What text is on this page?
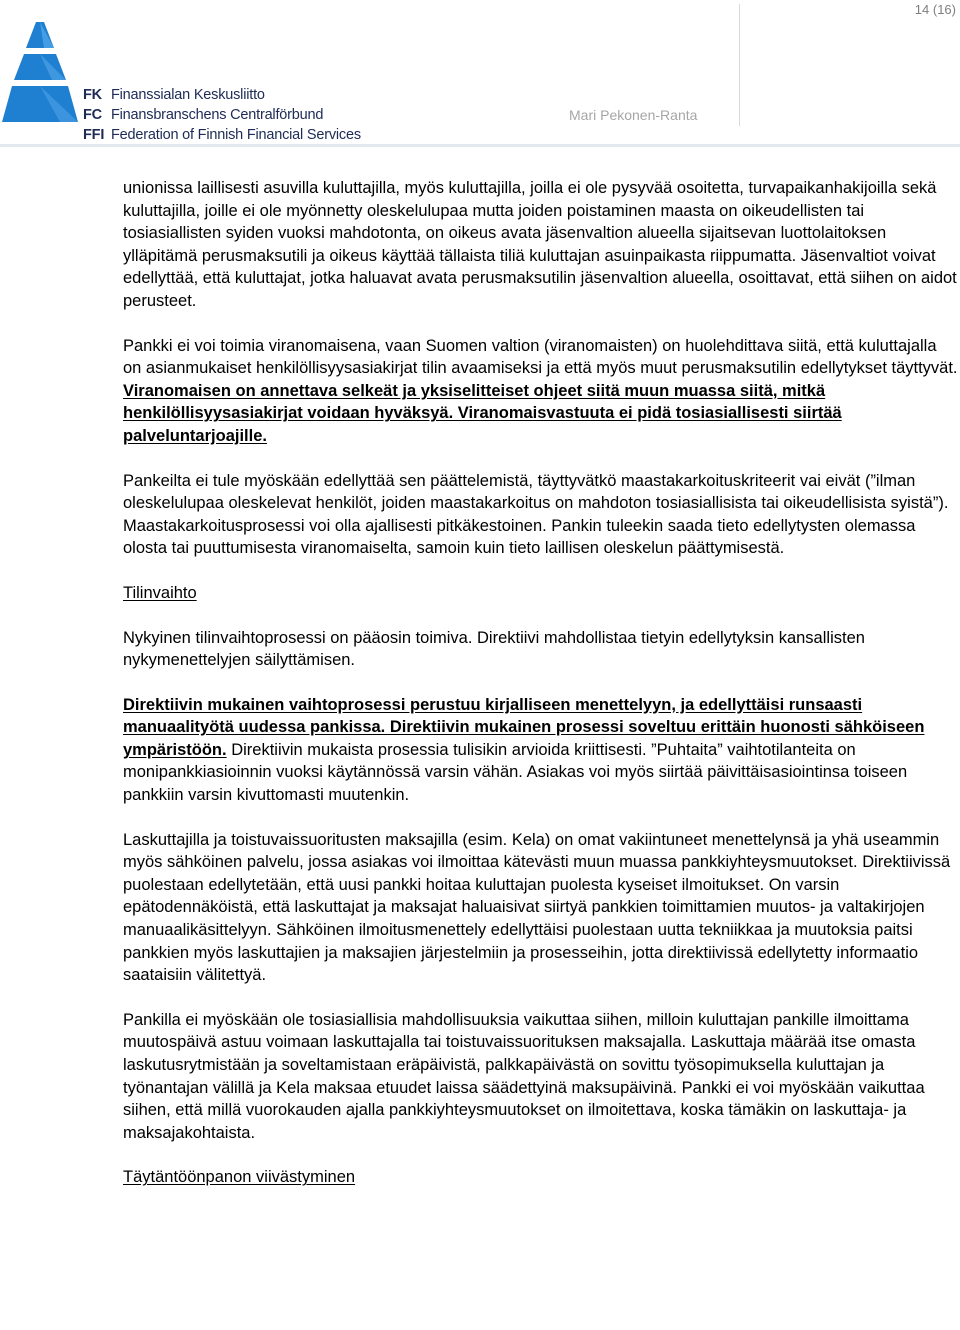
14 (16)
FK Finanssialan Keskusliitto
FC Finansbranschens Centralförbund
FFI Federation of Finnish Financial Services
Mari Pekonen-Ranta

unionissa laillisesti asuvilla kuluttajilla, myös kuluttajilla, joilla ei ole pysyvää osoitetta, turvapaikanhakijoilla sekä kuluttajilla, joille ei ole myönnetty oleskelulupaa mutta joiden poistaminen maasta on oikeudellisten tai tosiasiallisten syiden vuoksi mahdotonta, on oikeus avata jäsenvaltion alueella sijaitsevan luottolaitoksen ylläpitämä perusmaksutili ja oikeus käyttää tällaista tiliä kuluttajan asuinpaikasta riippumatta. Jäsenvaltiot voivat edellyttää, että kuluttajat, jotka haluavat avata perusmaksutilin jäsenvaltion alueella, osoittavat, että siihen on aidot perusteet.

Pankki ei voi toimia viranomaisena, vaan Suomen valtion (viranomaisten) on huolehdittava siitä, että kuluttajalla on asianmukaiset henkilöllisyysasiakirjat tilin avaamiseksi ja että myös muut perusmaksutilin edellytykset täyttyvät. Viranomaisen on annettava selkeät ja yksiselitteiset ohjeet siitä muun muassa siitä, mitkä henkilöllisyysasiakirjat voidaan hyväksyä. Viranomaisvastuuta ei pidä tosiasiallisesti siirtää palveluntarjoajille.

Pankeilta ei tule myöskään edellyttää sen päättelemistä, täyttyvätkö maastakarkoituskriteerit vai eivät (”ilman oleskelulupaa oleskelevat henkilöt, joiden maastakarkoitus on mahdoton tosiasiallisista tai oikeudellisista syistä”). Maastakarkoitusprosessi voi olla ajallisesti pitkäkestoinen. Pankin tuleekin saada tieto edellytysten olemassa olosta tai puuttumisesta viranomaiselta, samoin kuin tieto laillisen oleskelun päättymisestä.

Tilinvaihto

Nykyinen tilinvaihtoprosessi on pääosin toimiva. Direktiivi mahdollistaa tietyin edellytyksin kansallisten nykymenettelyjen säilyttämisen.

Direktiivin mukainen vaihtoprosessi perustuu kirjalliseen menettelyyn, ja edellyttäisi runsaasti manuaalityötä uudessa pankissa. Direktiivin mukainen prosessi soveltuu erittäin huonosti sähköiseen ympäristöön. Direktiivin mukaista prosessia tulisikin arvioida kriittisesti. ”Puhtaita” vaihtotilanteita on monipankkiasioinnin vuoksi käytännössä varsin vähän. Asiakas voi myös siirtää päivittäisasiointinsa toiseen pankkiin varsin kivuttomasti muutenkin.

Laskuttajilla ja toistuvaissuoritusten maksajilla (esim. Kela) on omat vakiintuneet menettelynsä ja yhä useammin myös sähköinen palvelu, jossa asiakas voi ilmoittaa kätevästi muun muassa pankkiyhteysmuutokset. Direktiivissä puolestaan edellytetään, että uusi pankki hoitaa kuluttajan puolesta kyseiset ilmoitukset. On varsin epätodennäköistä, että laskuttajat ja maksajat haluaisivat siirtyä pankkien toimittamien muutos- ja valtakirjojen manuaalikäsittelyyn. Sähköinen ilmoitusmenettely edellyttäisi puolestaan uutta tekniikkaa ja muutoksia paitsi pankkien myös laskuttajien ja maksajien järjestelmiin ja prosesseihin, jotta direktiivissä edellytetty informaatio saataisiin välitettyä.

Pankilla ei myöskään ole tosiasiallisia mahdollisuuksia vaikuttaa siihen, milloin kuluttajan pankille ilmoittama muutospäivä astuu voimaan laskuttajalla tai toistuvaissuorituksen maksajalla. Laskuttaja määrää itse omasta laskutusrytmistään ja soveltamistaan eräpäivistä, palkkapäivästä on sovittu työsopimuksella kuluttajan ja työnantajan välillä ja Kela maksaa etuudet laissa säädettyinä maksupäivinä. Pankki ei voi myöskään vaikuttaa siihen, että millä vuorokauden ajalla pankkiyhteysmuutokset on ilmoitettava, koska tämäkin on laskuttaja- ja maksajakohtaista.

Täytäntöönpanon viivästyminen
